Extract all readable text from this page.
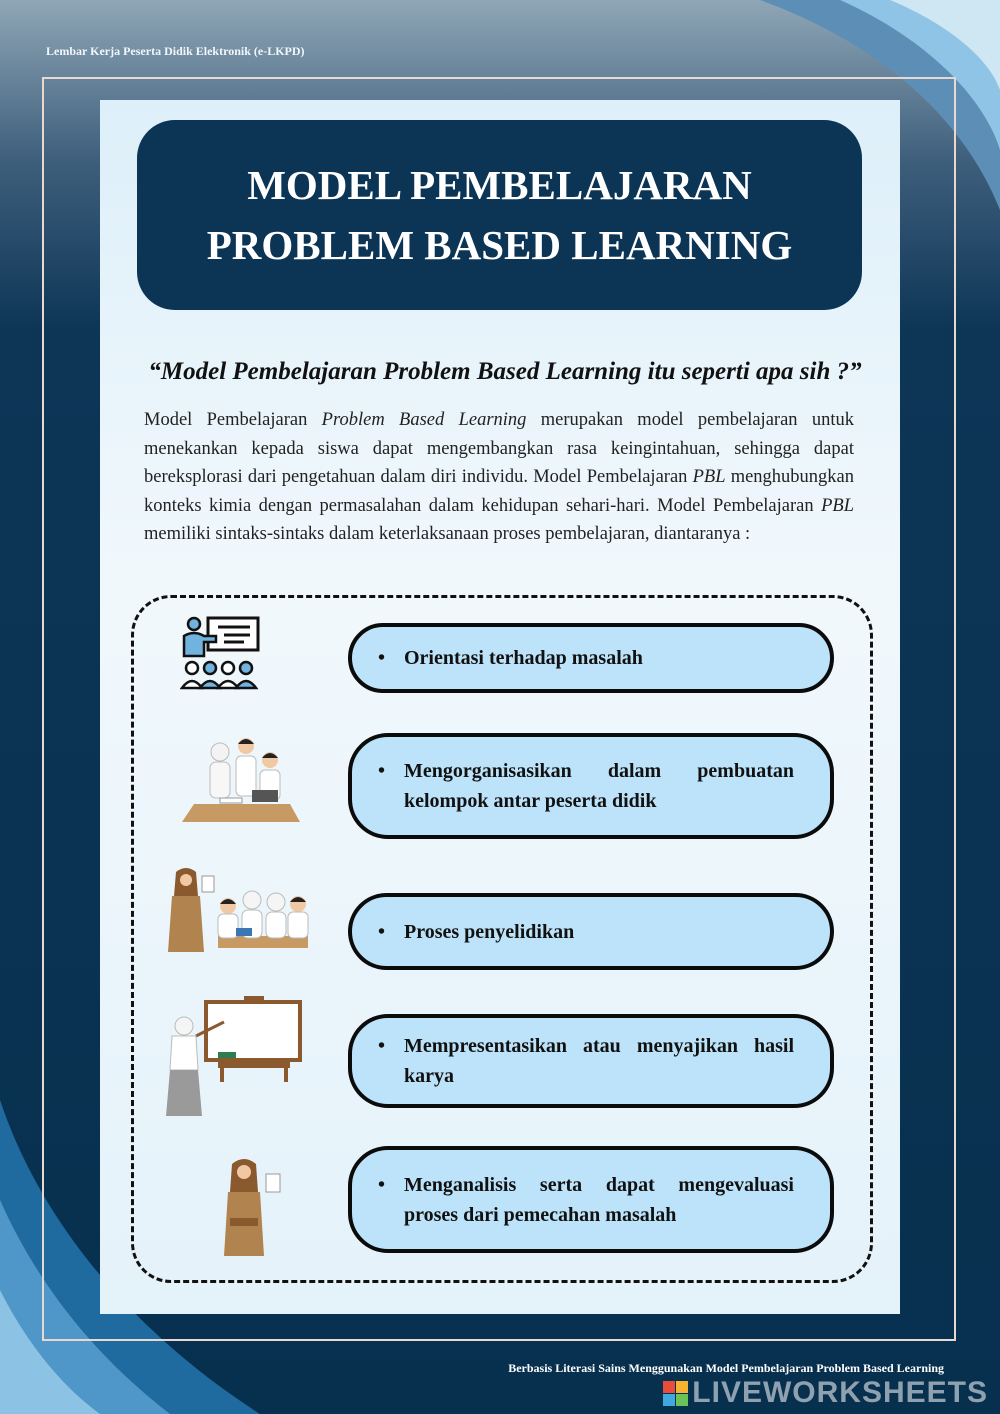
Lembar Kerja Peserta Didik Elektronik (e-LKPD)
MODEL PEMBELAJARAN
PROBLEM BASED LEARNING
“Model Pembelajaran Problem Based Learning itu seperti apa sih ?”
Model Pembelajaran Problem Based Learning merupakan model pembelajaran untuk menekankan kepada siswa dapat mengembangkan rasa keingintahuan, sehingga dapat bereksplorasi dari pengetahuan dalam diri individu. Model Pembelajaran PBL menghubungkan konteks kimia dengan permasalahan dalam kehidupan sehari-hari. Model Pembelajaran PBL memiliki sintaks-sintaks dalam keterlaksanaan proses pembelajaran, diantaranya :
• Orientasi terhadap masalah
• Mengorganisasikan dalam pembuatan kelompok antar peserta didik
• Proses penyelidikan
• Mempresentasikan atau menyajikan hasil karya
• Menganalisis serta dapat mengevaluasi proses dari pemecahan masalah
Berbasis Literasi Sains Menggunakan Model Pembelajaran Problem Based Learning
LIVEWORKSHEETS
